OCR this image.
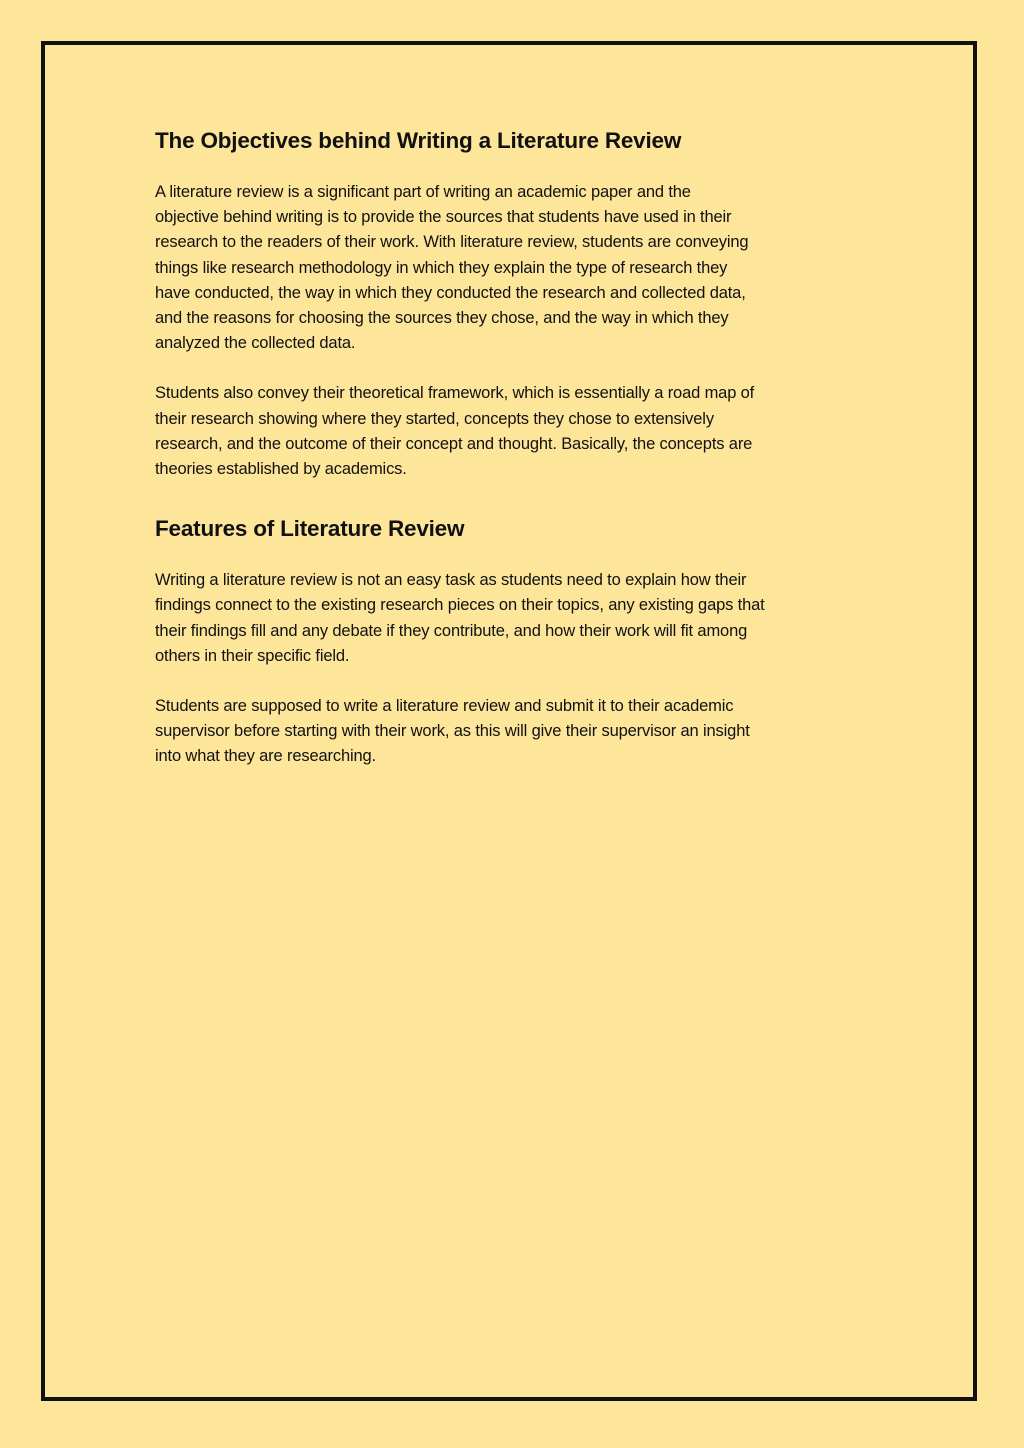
The Objectives behind Writing a Literature Review

A literature review is a significant part of writing an academic paper and the
objective behind writing is to provide the sources that students have used in their
research to the readers of their work. With literature review, students are conveying
things like research methodology in which they explain the type of research they
have conducted, the way in which they conducted the research and collected data,
and the reasons for choosing the sources they chose, and the way in which they
analyzed the collected data.

Students also convey their theoretical framework, which is essentially a road map of
their research showing where they started, concepts they chose to extensively
research, and the outcome of their concept and thought. Basically, the concepts are
theories established by academics.

Features of Literature Review

Writing a literature review is not an easy task as students need to explain how their
findings connect to the existing research pieces on their topics, any existing gaps that
their findings fill and any debate if they contribute, and how their work will fit among
others in their specific field.

Students are supposed to write a literature review and submit it to their academic
supervisor before starting with their work, as this will give their supervisor an insight
into what they are researching.
